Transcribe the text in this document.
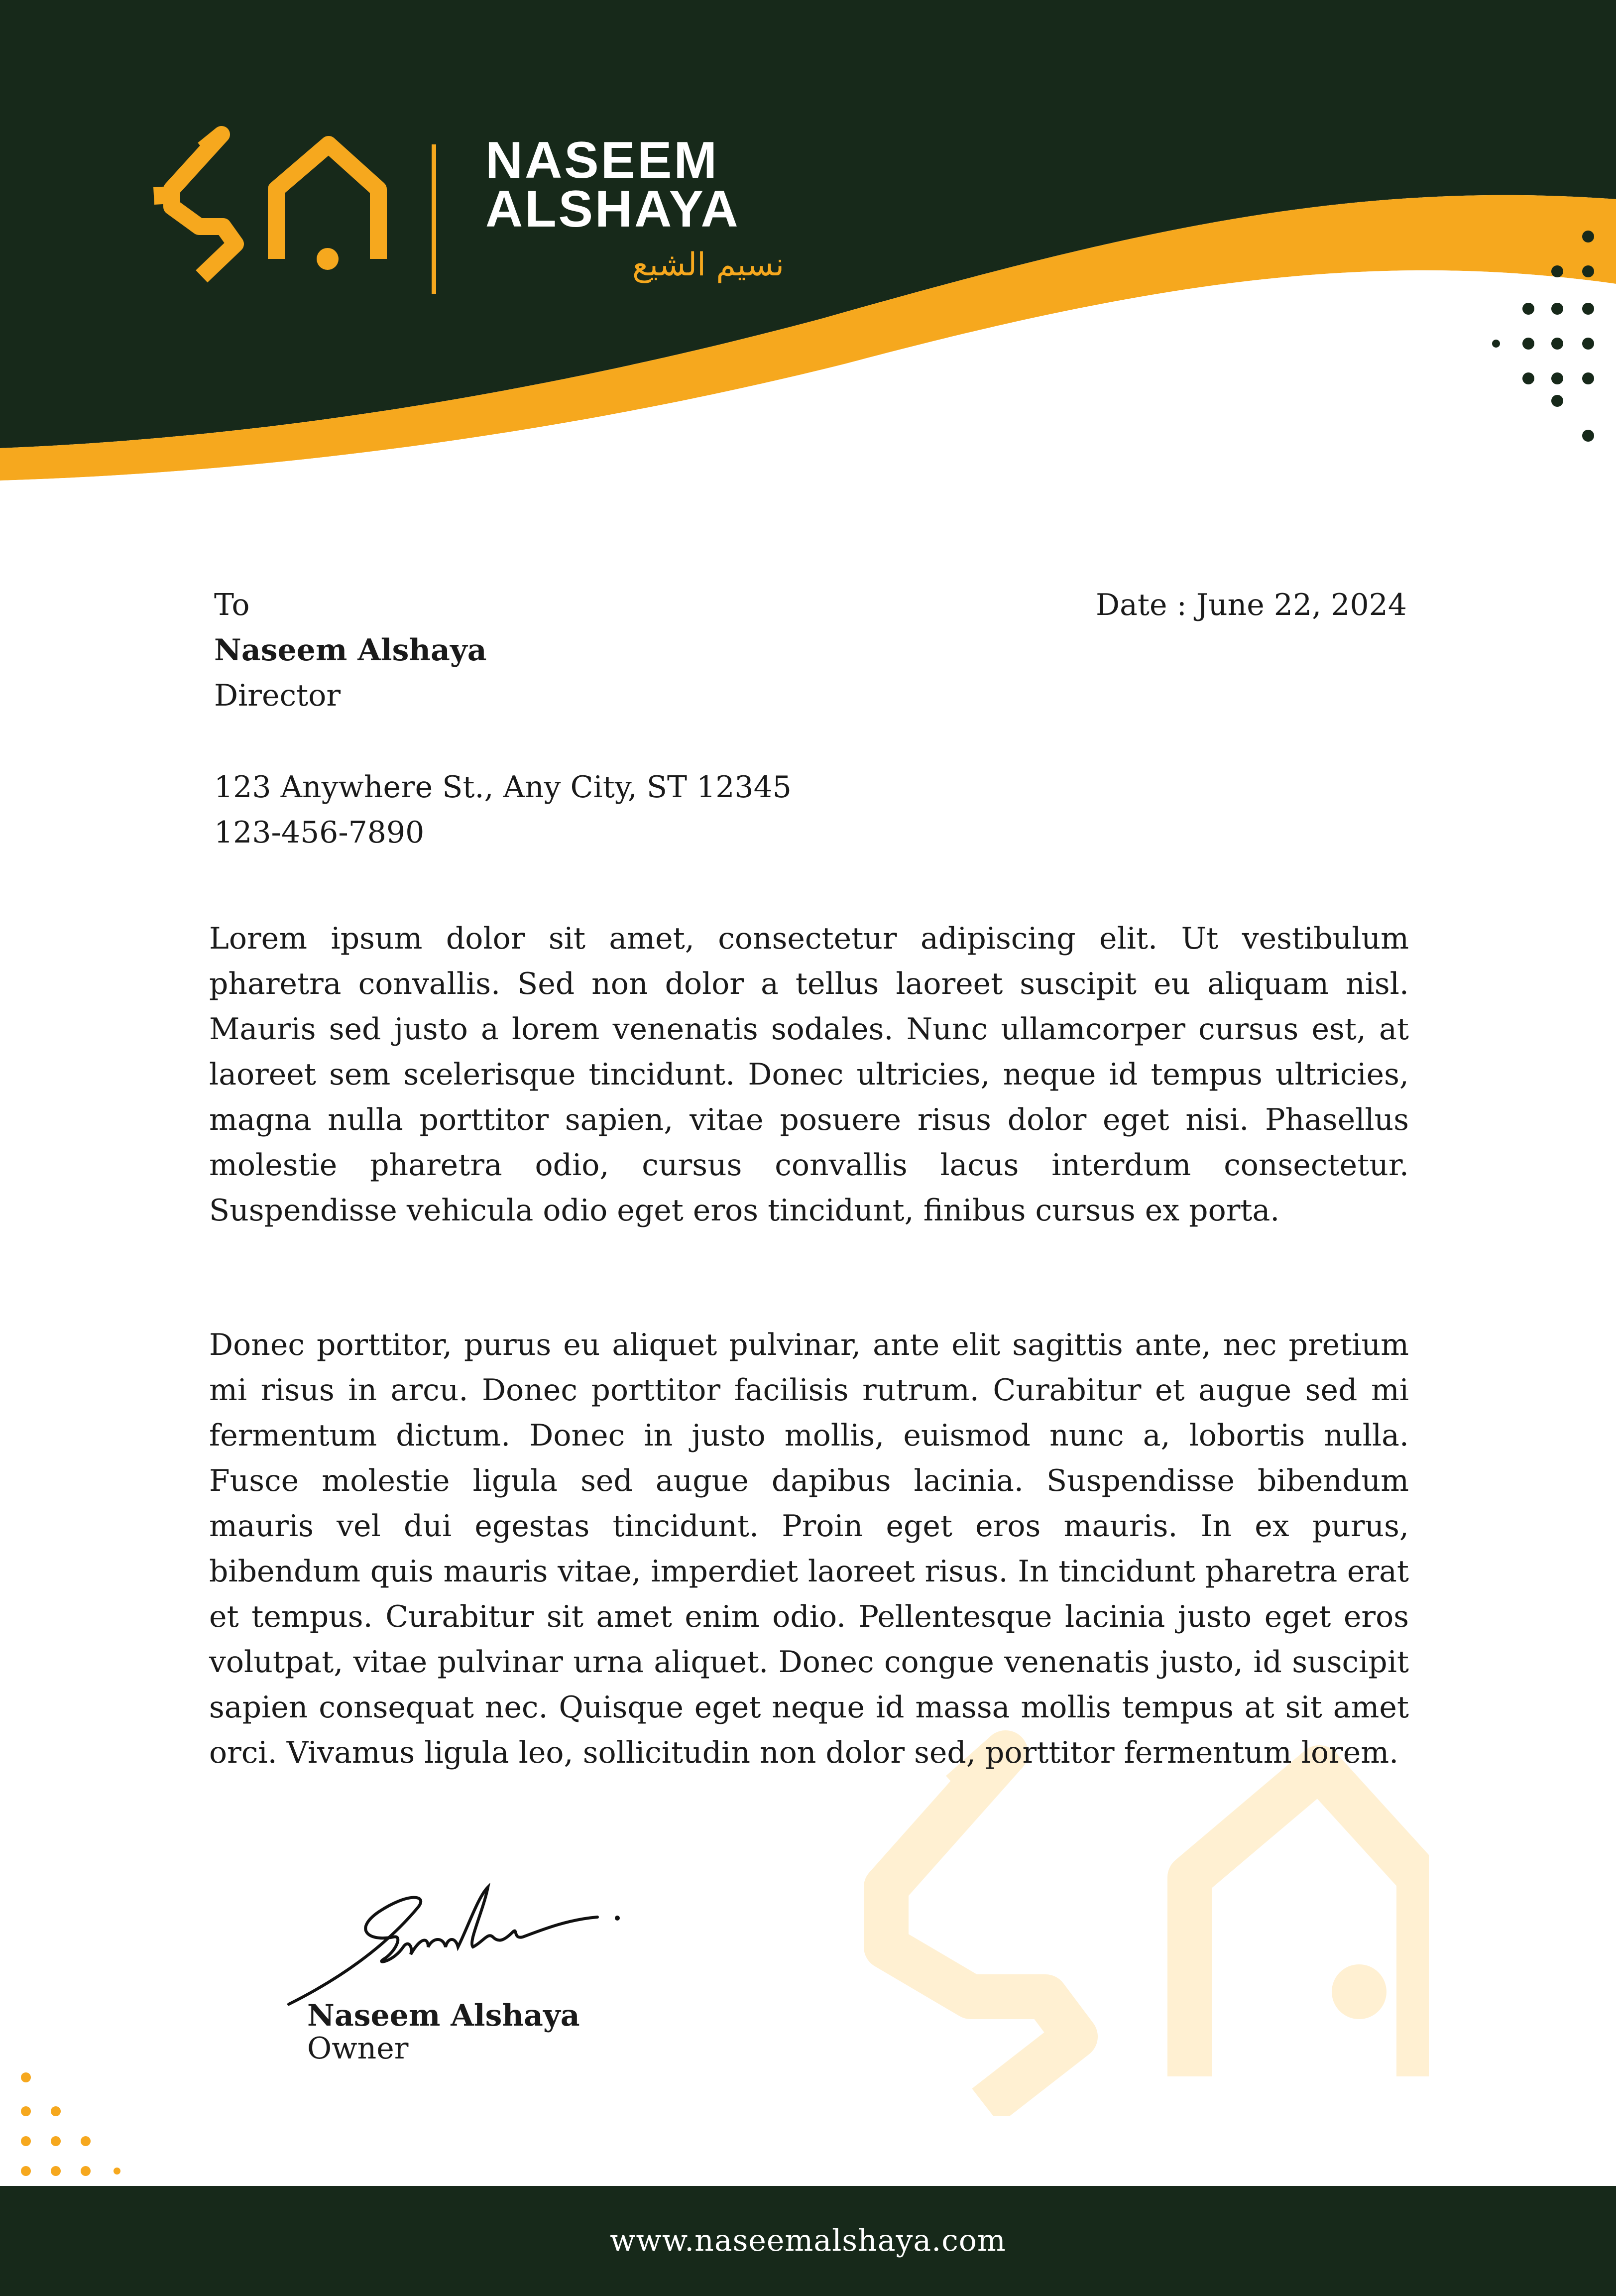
NASEEM
ALSHAYA
نسيم الشيع
To
Naseem Alshaya
Director
Date : June 22, 2024
123 Anywhere St., Any City, ST 12345
123-456-7890
Lorem ipsum dolor sit amet, consectetur adipiscing elit. Ut vestibulum pharetra convallis. Sed non dolor a tellus laoreet suscipit eu aliquam nisl. Mauris sed justo a lorem venenatis sodales. Nunc ullamcorper cursus est, at laoreet sem scelerisque tincidunt. Donec ultricies, neque id tempus ultricies, magna nulla porttitor sapien, vitae posuere risus dolor eget nisi. Phasellus molestie pharetra odio, cursus convallis lacus interdum consectetur. Suspendisse vehicula odio eget eros tincidunt, finibus cursus ex porta.
Donec porttitor, purus eu aliquet pulvinar, ante elit sagittis ante, nec pretium mi risus in arcu. Donec porttitor facilisis rutrum. Curabitur et augue sed mi fermentum dictum. Donec in justo mollis, euismod nunc a, lobortis nulla. Fusce molestie ligula sed augue dapibus lacinia. Suspendisse bibendum mauris vel dui egestas tincidunt. Proin eget eros mauris. In ex purus, bibendum quis mauris vitae, imperdiet laoreet risus. In tincidunt pharetra erat et tempus. Curabitur sit amet enim odio. Pellentesque lacinia justo eget eros volutpat, vitae pulvinar urna aliquet. Donec congue venenatis justo, id suscipit sapien consequat nec. Quisque eget neque id massa mollis tempus at sit amet orci. Vivamus ligula leo, sollicitudin non dolor sed, porttitor fermentum lorem.
Naseem Alshaya
Owner
www.naseemalshaya.com
